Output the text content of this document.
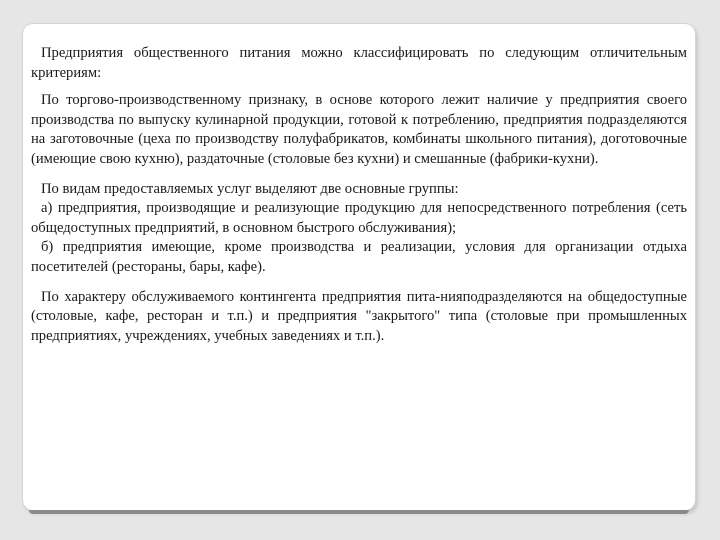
Предприятия общественного питания можно классифицировать по следующим отличительным критериям:

По торгово-производственному признаку, в основе которого лежит наличие у предприятия своего производства по выпуску кулинарной продукции, готовой к потреблению, предприятия подразделяются на заготовочные (цеха по производству полуфабрикатов, комбинаты школьного питания), доготовочные (имеющие свою кухню), раздаточные (столовые без кухни) и смешанные (фабрики-кухни).

По видам предоставляемых услуг выделяют две основные группы:

а) предприятия, производящие и реализующие продукцию для непосредственного потребления (сеть общедоступных предприятий, в основном быстрого обслуживания);

б) предприятия имеющие, кроме производства и реализации, условия для организации отдыха посетителей (рестораны, бары, кафе).

По характеру обслуживаемого контингента предприятия пита-нияподразделяются на общедоступные (столовые, кафе, ресторан и т.п.) и предприятия "закрытого" типа (столовые при промышленных предприятиях, учреждениях, учебных заведениях и т.п.).
